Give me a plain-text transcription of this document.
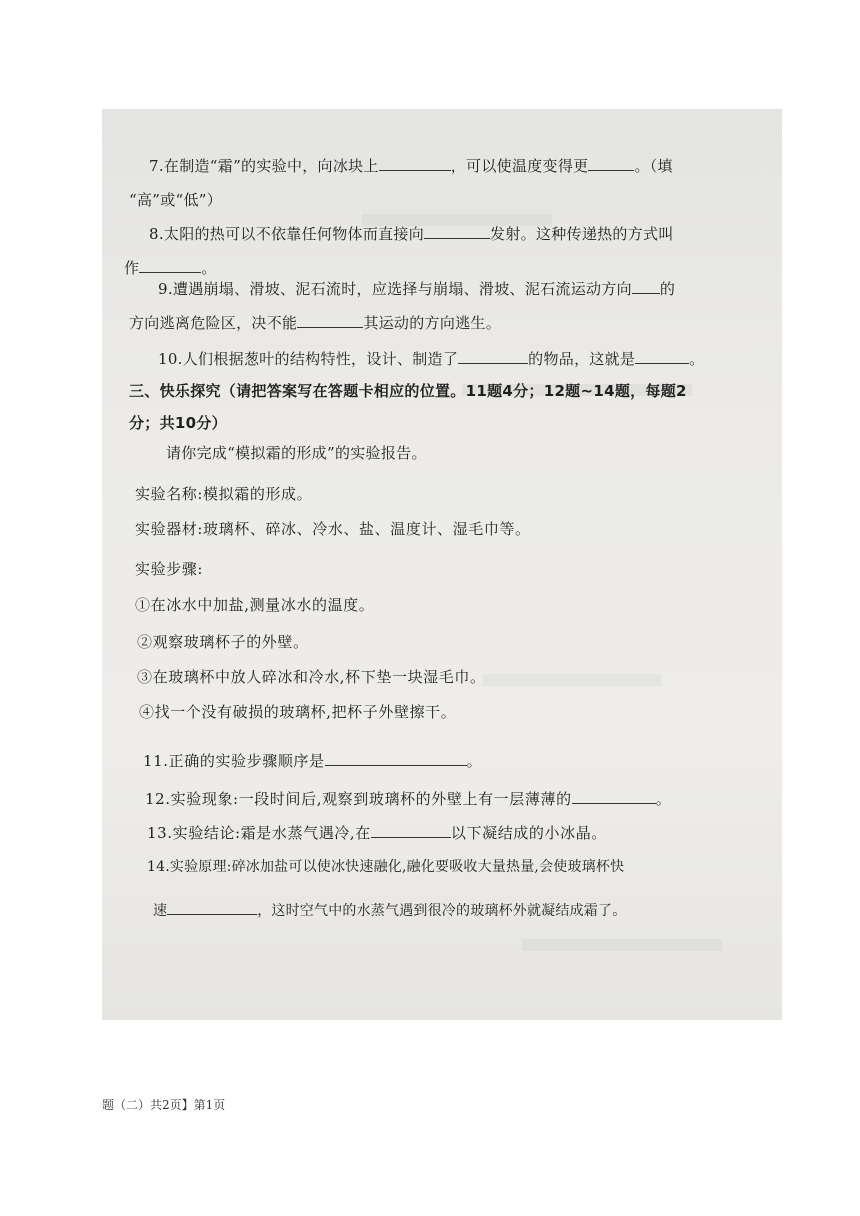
7.在制造“霜”的实验中，向冰块上	，可以使温度变得更	。（填
“高”或“低”）
8.太阳的热可以不依靠任何物体而直接向	发射。这种传递热的方式叫
作	。
9.遭遇崩塌、滑坡、泥石流时，应选择与崩塌、滑坡、泥石流运动方向 的
方向逃离危险区，决不能	其运动的方向逃生。
10.人们根据葱叶的结构特性，设计、制造了	的物品，这就是	。
三、快乐探究（请把答案写在答题卡相应的位置。11题4分；12题~14题，每题2
分；共10分）
请你完成“模拟霜的形成”的实验报告。
实验名称:模拟霜的形成。
实验器材:玻璃杯、碎冰、冷水、盐、温度计、湿毛巾等。
实验步骤:
①在冰水中加盐,测量冰水的温度。
②观察玻璃杯子的外壁。
③在玻璃杯中放人碎冰和冷水,杯下垫一块湿毛巾。
④找一个没有破损的玻璃杯,把杯子外壁擦干。
11.正确的实验步骤顺序是	。
12.实验现象:一段时间后,观察到玻璃杯的外壁上有一层薄薄的	。
13.实验结论:霜是水蒸气遇冷,在	以下凝结成的小冰晶。
14.实验原理:碎冰加盐可以使冰快速融化,融化要吸收大量热量,会使玻璃杯快
速	，这时空气中的水蒸气遇到很冷的玻璃杯外就凝结成霜了。
题（二）共2页】第1页
